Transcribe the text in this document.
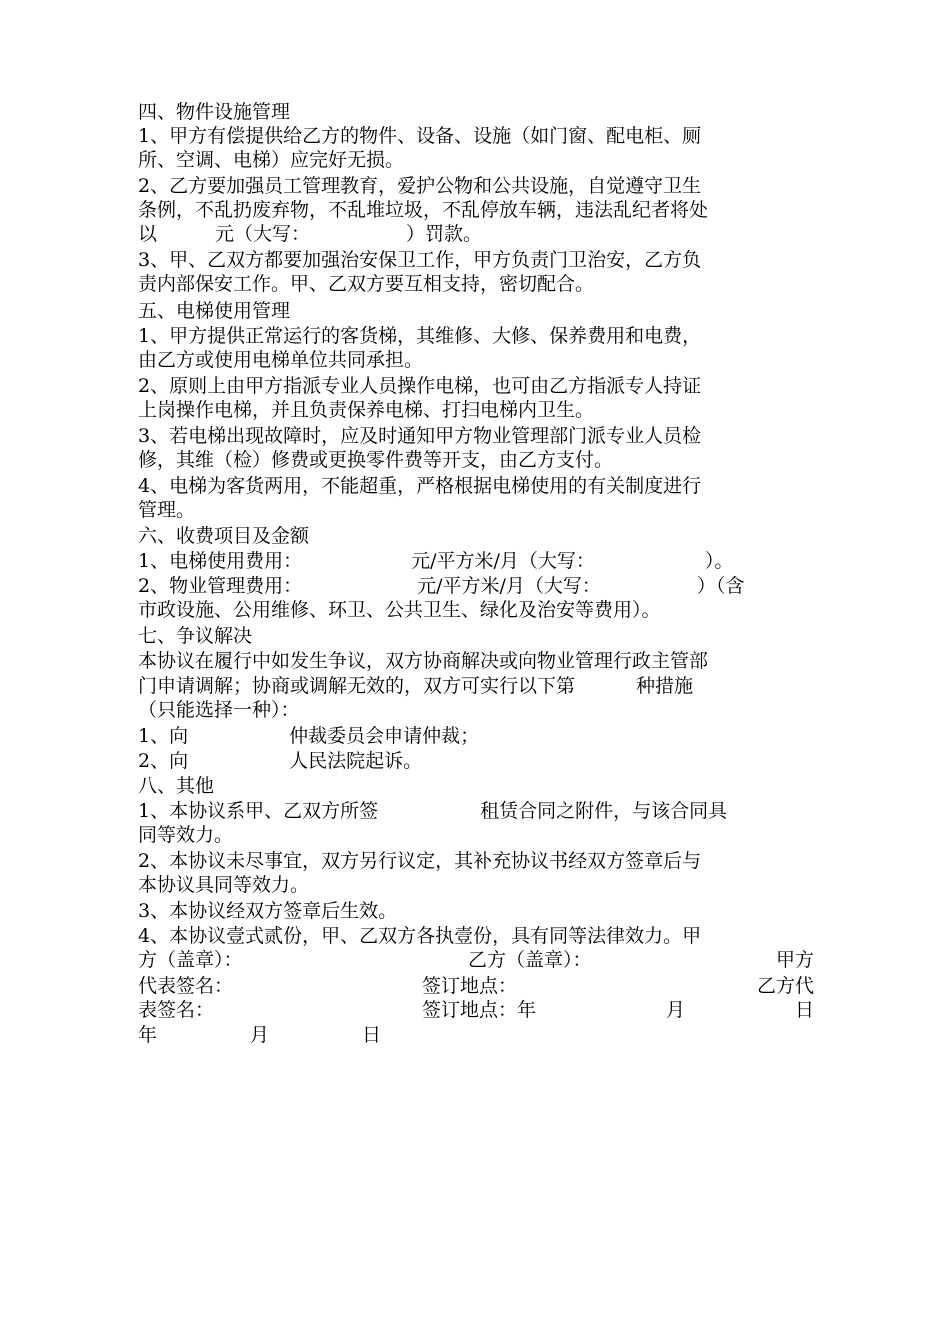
四、物件设施管理
1、甲方有偿提供给乙方的物件、设备、设施（如门窗、配电柜、厕
所、空调、电梯）应完好无损。
2、乙方要加强员工管理教育，爱护公物和公共设施，自觉遵守卫生
条例，不乱扔废弃物，不乱堆垃圾，不乱停放车辆，违法乱纪者将处
以	元（大写：	）罚款。
3、甲、乙双方都要加强治安保卫工作，甲方负责门卫治安，乙方负
责内部保安工作。甲、乙双方要互相支持，密切配合。
五、电梯使用管理
1、甲方提供正常运行的客货梯，其维修、大修、保养费用和电费，
由乙方或使用电梯单位共同承担。
2、原则上由甲方指派专业人员操作电梯，也可由乙方指派专人持证
上岗操作电梯，并且负责保养电梯、打扫电梯内卫生。
3、若电梯出现故障时，应及时通知甲方物业管理部门派专业人员检
修，其维（检）修费或更换零件费等开支，由乙方支付。
4、电梯为客货两用，不能超重，严格根据电梯使用的有关制度进行
管理。
六、收费项目及金额
1、电梯使用费用：	元/平方米/月（大写：	）。
2、物业管理费用：	元/平方米/月（大写：	）（含
市政设施、公用维修、环卫、公共卫生、绿化及治安等费用）。
七、争议解决
本协议在履行中如发生争议，双方协商解决或向物业管理行政主管部
门申请调解；协商或调解无效的，双方可实行以下第	种措施
（只能选择一种）：
1、向	仲裁委员会申请仲裁；
2、向	人民法院起诉。
八、其他
1、本协议系甲、乙双方所签	租赁合同之附件，与该合同具
同等效力。
2、本协议未尽事宜，双方另行议定，其补充协议书经双方签章后与
本协议具同等效力。
3、本协议经双方签章后生效。
4、本协议壹式贰份，甲、乙双方各执壹份，具有同等法律效力。甲
方（盖章）：	乙方（盖章）：	甲方
代表签名：	签订地点：	乙方代
表签名：	签订地点：年	月	日
年	月	日
